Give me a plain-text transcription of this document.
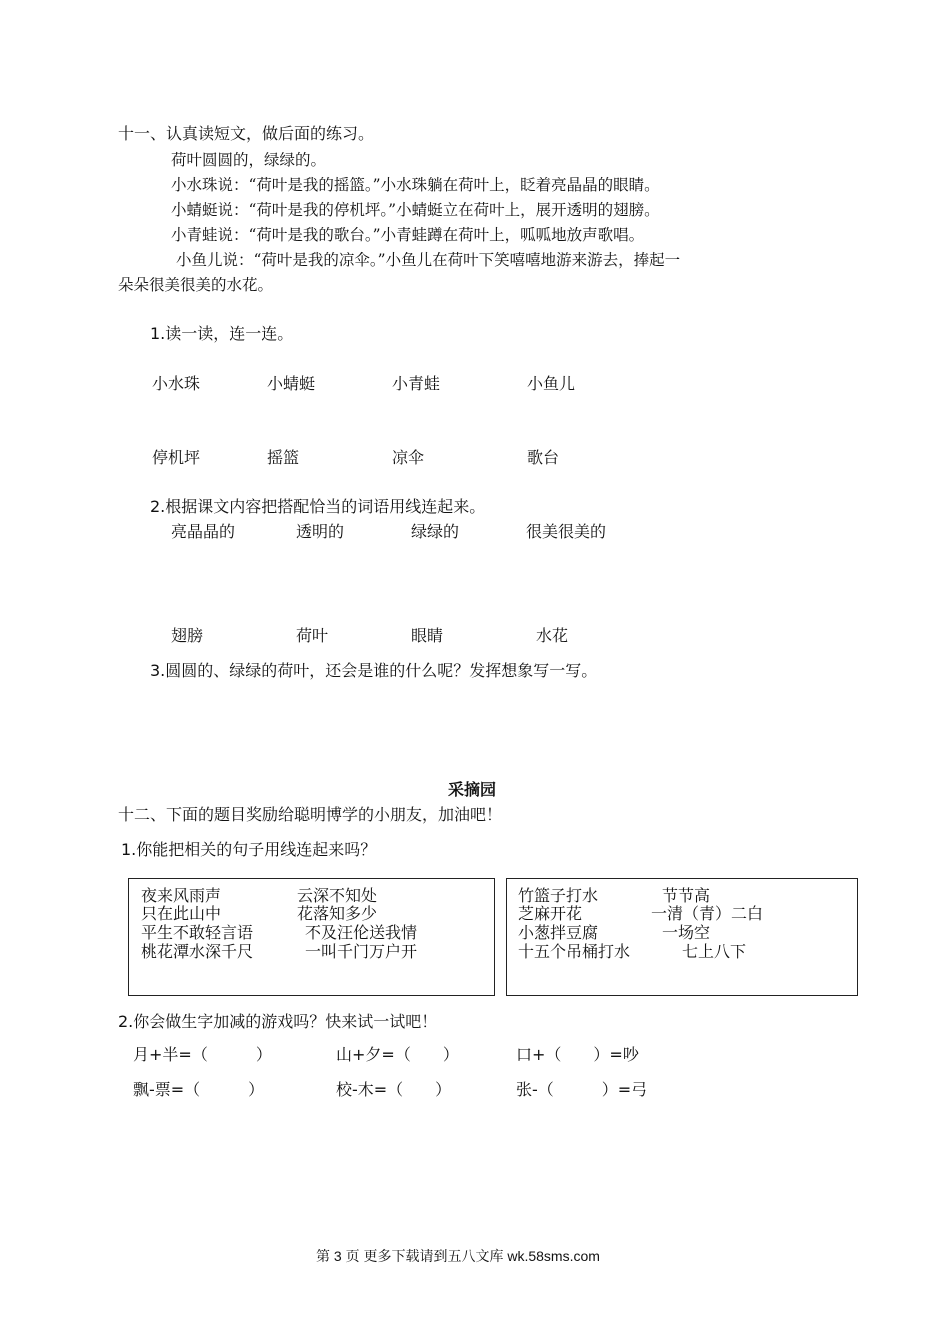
十一、认真读短文，做后面的练习。
荷叶圆圆的，绿绿的。
小水珠说：“荷叶是我的摇篮。”小水珠躺在荷叶上，眨着亮晶晶的眼睛。
小蜻蜓说：“荷叶是我的停机坪。”小蜻蜓立在荷叶上，展开透明的翅膀。
小青蛙说：“荷叶是我的歌台。”小青蛙蹲在荷叶上，呱呱地放声歌唱。
小鱼儿说：“荷叶是我的凉伞。”小鱼儿在荷叶下笑嘻嘻地游来游去，捧起一
朵朵很美很美的水花。
1.读一读，连一连。
小水珠	小蜻蜓	小青蛙	小鱼儿
停机坪	摇篮	凉伞	歌台
2.根据课文内容把搭配恰当的词语用线连起来。
亮晶晶的	透明的	绿绿的	很美很美的
翅膀	荷叶	眼睛	水花
3.圆圆的、绿绿的荷叶，还会是谁的什么呢？发挥想象写一写。
采摘园
十二、下面的题目奖励给聪明博学的小朋友，加油吧！
1.你能把相关的句子用线连起来吗？
夜来风雨声	云深不知处
只在此山中	花落知多少
平生不敢轻言语	不及汪伦送我情
桃花潭水深千尺	一叫千门万户开
竹篮子打水	节节高
芝麻开花	一清（青）二白
小葱拌豆腐	一场空
十五个吊桶打水	七上八下
2.你会做生字加减的游戏吗？快来试一试吧！
月+半=（　　　）	山+夕=（　　）	口+（　　）=吵
飘-票=（　　　）	校-木=（　　）	张-（　　　）=弓
第 3 页 更多下载请到五八文库 wk.58sms.com
